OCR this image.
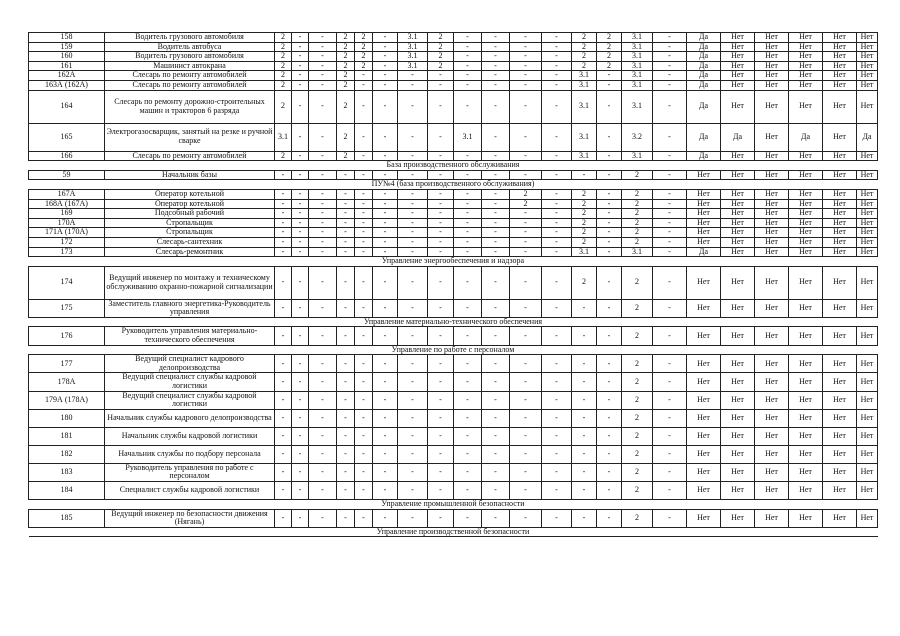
158	Водитель грузового автомобиля	2	-	-	2	2	-	3.1	2	-	-	-	-	2	2	3.1	-	Да	Нет	Нет	Нет	Нет	Нет
159	Водитель автобуса	2	-	-	2	2	-	3.1	2	-	-	-	-	2	2	3.1	-	Да	Нет	Нет	Нет	Нет	Нет
160	Водитель грузового автомобиля	2	-	-	2	2	-	3.1	2	-	-	-	-	2	2	3.1	-	Да	Нет	Нет	Нет	Нет	Нет
161	Машинист автокрана	2	-	-	2	2	-	3.1	2	-	-	-	-	2	2	3.1	-	Да	Нет	Нет	Нет	Нет	Нет
162А	Слесарь по ремонту автомобилей	2	-	-	2	-	-	-	-	-	-	-	-	3.1	-	3.1	-	Да	Нет	Нет	Нет	Нет	Нет
163А (162А)	Слесарь по ремонту автомобилей	2	-	-	2	-	-	-	-	-	-	-	-	3.1	-	3.1	-	Да	Нет	Нет	Нет	Нет	Нет
164	Слесарь по ремонту дорожно-строительных машин и тракторов 6 разряда	2	-	-	2	-	-	-	-	-	-	-	-	3.1	-	3.1	-	Да	Нет	Нет	Нет	Нет	Нет
165	Электрогазосварщик, занятый на резке и ручной сварке	3.1	-	-	2	-	-	-	-	3.1	-	-	-	3.1	-	3.2	-	Да	Да	Нет	Да	Нет	Да
166	Слесарь по ремонту автомобилей	2	-	-	2	-	-	-	-	-	-	-	-	3.1	-	3.1	-	Да	Нет	Нет	Нет	Нет	Нет
База производственного обслуживания																							
59	Начальник базы	-	-	-	-	-	-	-	-	-	-	-	-	-	-	2	-	Нет	Нет	Нет	Нет	Нет	Нет
ПУ№4 (база производственного обслуживания)																							
167А	Оператор котельной	-	-	-	-	-	-	-	-	-	-	2	-	2	-	2	-	Нет	Нет	Нет	Нет	Нет	Нет
168А (167А)	Оператор котельной	-	-	-	-	-	-	-	-	-	-	2	-	2	-	2	-	Нет	Нет	Нет	Нет	Нет	Нет
169	Подсобный рабочий	-	-	-	-	-	-	-	-	-	-	-	-	2	-	2	-	Нет	Нет	Нет	Нет	Нет	Нет
170А	Стропальщик	-	-	-	-	-	-	-	-	-	-	-	-	2	-	2	-	Нет	Нет	Нет	Нет	Нет	Нет
171А (170А)	Стропальщик	-	-	-	-	-	-	-	-	-	-	-	-	2	-	2	-	Нет	Нет	Нет	Нет	Нет	Нет
172	Слесарь-сантехник	-	-	-	-	-	-	-	-	-	-	-	-	2	-	2	-	Нет	Нет	Нет	Нет	Нет	Нет
173	Слесарь-ремонтник	-	-	-	-	-	-	-	-	-	-	-	-	3.1	-	3.1	-	Да	Нет	Нет	Нет	Нет	Нет
Управление энергообеспечения и надзора																							
174	Ведущий инженер по монтажу и техническому обслуживанию охранно-пожарной сигнализации	-	-	-	-	-	-	-	-	-	-	-	-	2	-	2	-	Нет	Нет	Нет	Нет	Нет	Нет
175	Заместитель главного энергетика-Руководитель управления	-	-	-	-	-	-	-	-	-	-	-	-	-	-	2	-	Нет	Нет	Нет	Нет	Нет	Нет
Управление материально-технического обеспечения																							
176	Руководитель управления материально-технического обеспечения	-	-	-	-	-	-	-	-	-	-	-	-	-	-	2	-	Нет	Нет	Нет	Нет	Нет	Нет
Управление по работе с персоналом																							
177	Ведущий специалист кадрового делопроизводства	-	-	-	-	-	-	-	-	-	-	-	-	-	-	2	-	Нет	Нет	Нет	Нет	Нет	Нет
178А	Ведущий специалист службы кадровой логистики	-	-	-	-	-	-	-	-	-	-	-	-	-	-	2	-	Нет	Нет	Нет	Нет	Нет	Нет
179А (178А)	Ведущий специалист службы кадровой логистики	-	-	-	-	-	-	-	-	-	-	-	-	-	-	2	-	Нет	Нет	Нет	Нет	Нет	Нет
180	Начальник службы кадрового делопроизводства	-	-	-	-	-	-	-	-	-	-	-	-	-	-	2	-	Нет	Нет	Нет	Нет	Нет	Нет
181	Начальник службы кадровой логистики	-	-	-	-	-	-	-	-	-	-	-	-	-	-	2	-	Нет	Нет	Нет	Нет	Нет	Нет
182	Начальник службы по подбору персонала	-	-	-	-	-	-	-	-	-	-	-	-	-	-	2	-	Нет	Нет	Нет	Нет	Нет	Нет
183	Руководитель управления по работе с персоналом	-	-	-	-	-	-	-	-	-	-	-	-	-	-	2	-	Нет	Нет	Нет	Нет	Нет	Нет
184	Специалист службы кадровой логистики	-	-	-	-	-	-	-	-	-	-	-	-	-	-	2	-	Нет	Нет	Нет	Нет	Нет	Нет
Управление промышленной безопасности																							
185	Ведущий инженер по безопасности движения (Нягань)	-	-	-	-	-	-	-	-	-	-	-	-	-	-	2	-	Нет	Нет	Нет	Нет	Нет	Нет
Управление производственной безопасности																							
